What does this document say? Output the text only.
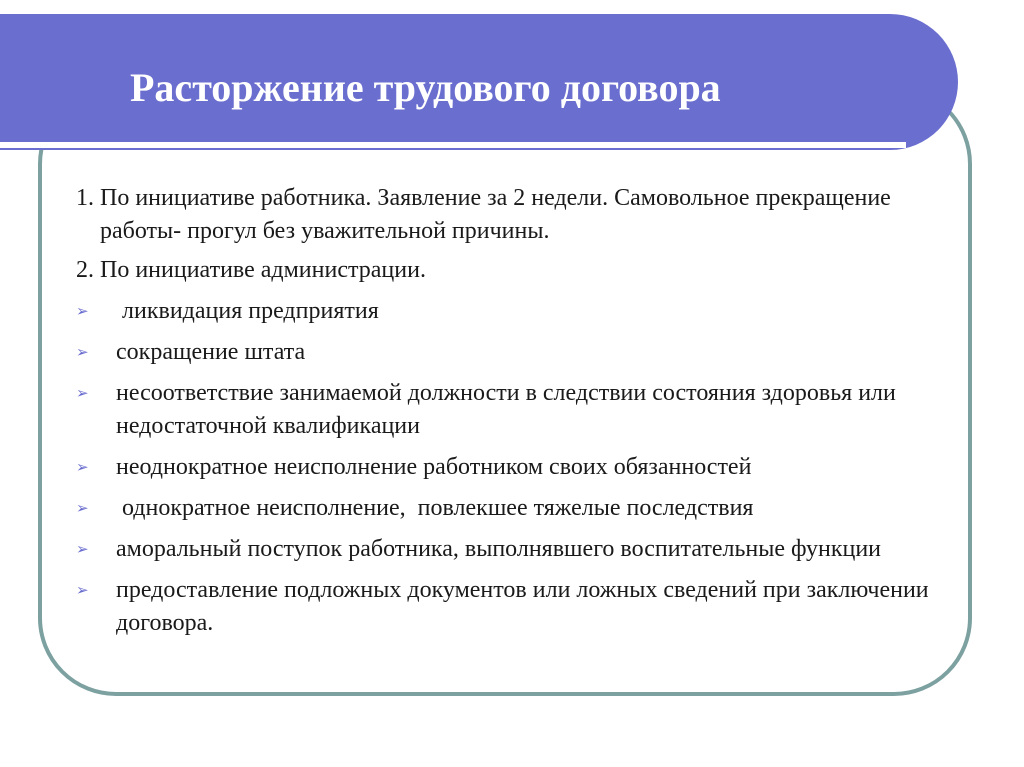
Расторжение трудового договора
1. По инициативе работника. Заявление за 2 недели. Самовольное прекращение работы- прогул без уважительной причины.
2. По инициативе администрации.
➢	ликвидация предприятия
➢	сокращение штата
➢	несоответствие занимаемой должности в следствии состояния здоровья или недостаточной квалификации
➢	неоднократное неисполнение работником своих обязанностей
➢	однократное неисполнение,  повлекшее тяжелые последствия
➢	аморальный поступок работника, выполнявшего воспитательные функции
➢	предоставление подложных документов или ложных сведений при заключении договора.
